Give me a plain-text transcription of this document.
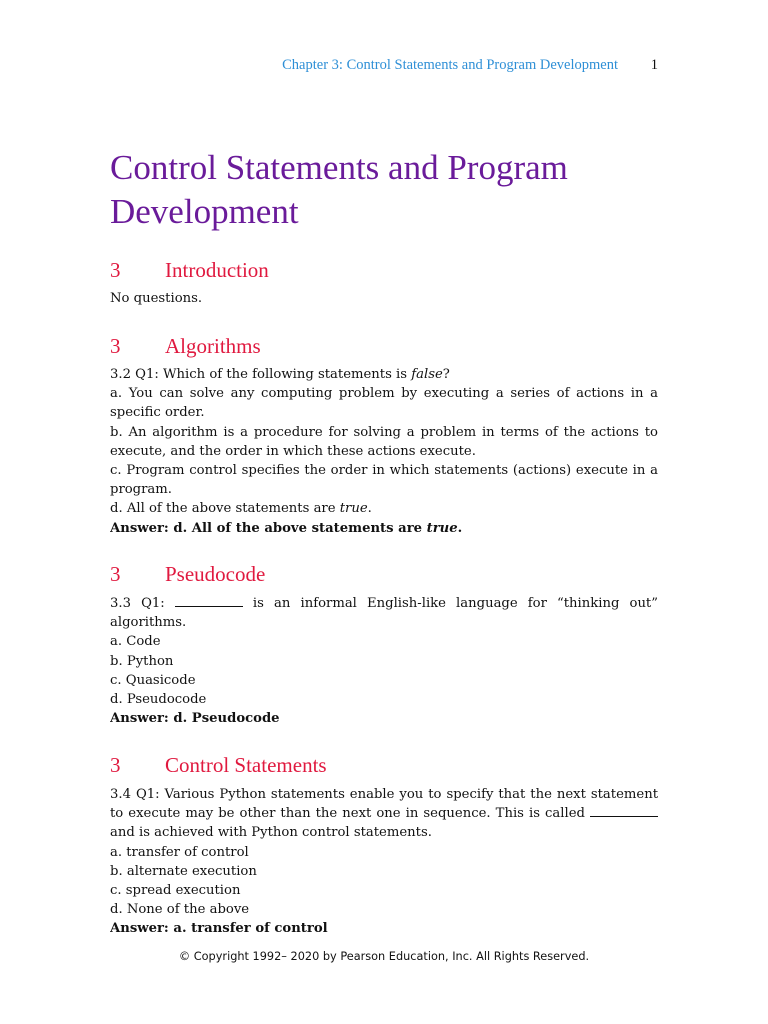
Chapter 3: Control Statements and Program Development 1
Control Statements and Program
Development
3 Introduction
No questions.
3 Algorithms
3.2 Q1: Which of the following statements is false?
a. You can solve any computing problem by executing a series of actions in a specific order.
b. An algorithm is a procedure for solving a problem in terms of the actions to execute, and the order in which these actions execute.
c. Program control specifies the order in which statements (actions) execute in a program.
d. All of the above statements are true.
Answer: d. All of the above statements are true.
3 Pseudocode
3.3 Q1:	is an informal English-like language for “thinking out” algorithms.
a. Code
b. Python
c. Quasicode
d. Pseudocode
Answer: d. Pseudocode
3 Control Statements
3.4 Q1: Various Python statements enable you to specify that the next statement to execute may be other than the next one in sequence. This is called  and is achieved with Python control statements.
a. transfer of control
b. alternate execution
c. spread execution
d. None of the above
Answer: a. transfer of control
© Copyright 1992– 2020 by Pearson Education, Inc. All Rights Reserved.
